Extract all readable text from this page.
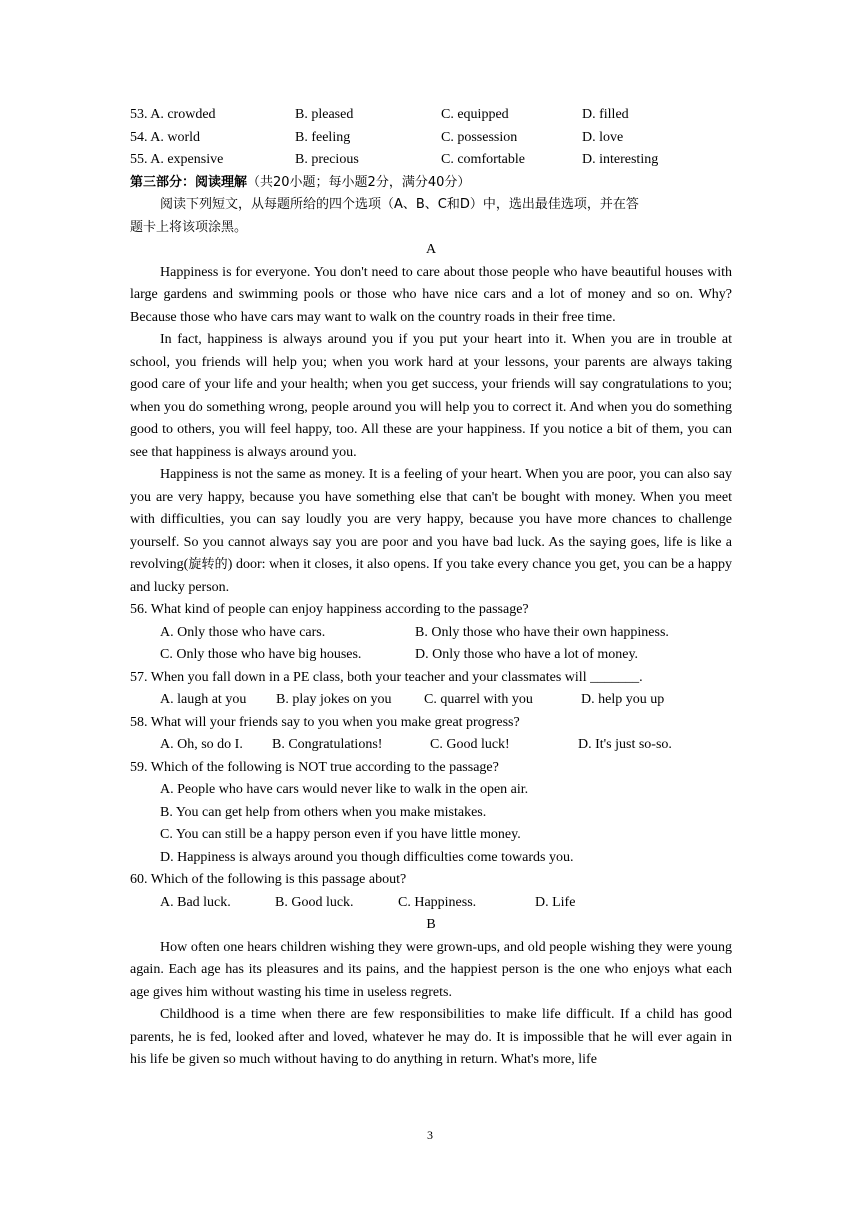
53. A. crowded	B. pleased	C. equipped	D. filled
54. A. world	B. feeling	C. possession	D. love
55. A. expensive	B. precious	C. comfortable	D. interesting
第三部分：阅读理解（共20小题；每小题2分，满分40分）
阅读下列短文，从每题所给的四个选项（A、B、C和D）中，选出最佳选项，并在答
题卡上将该项涂黑。
A

Happiness is for everyone. You don't need to care about those people who have beautiful houses with large gardens and swimming pools or those who have nice cars and a lot of money and so on. Why? Because those who have cars may want to walk on the country roads in their free time.

In fact, happiness is always around you if you put your heart into it. When you are in trouble at school, you friends will help you; when you work hard at your lessons, your parents are always taking good care of your life and your health; when you get success, your friends will say congratulations to you; when you do something wrong, people around you will help you to correct it. And when you do something good to others, you will feel happy, too. All these are your happiness. If you notice a bit of them, you can see that happiness is always around you.

Happiness is not the same as money. It is a feeling of your heart. When you are poor, you can also say you are very happy, because you have something else that can't be bought with money. When you meet with difficulties, you can say loudly you are very happy, because you have more chances to challenge yourself. So you cannot always say you are poor and you have bad luck. As the saying goes, life is like a revolving(旋转的) door: when it closes, it also opens. If you take every chance you get, you can be a happy and lucky person.

56. What kind of people can enjoy happiness according to the passage?
A. Only those who have cars.	B. Only those who have their own happiness.
C. Only those who have big houses.	D. Only those who have a lot of money.
57. When you fall down in a PE class, both your teacher and your classmates will _______.
A. laugh at you B. play jokes on you C. quarrel with you	D. help you up
58. What will your friends say to you when you make great progress?
A. Oh, so do I. B. Congratulations!	C. Good luck!	D. It's just so-so.
59. Which of the following is NOT true according to the passage?
A. People who have cars would never like to walk in the open air.
B. You can get help from others when you make mistakes.
C. You can still be a happy person even if you have little money.
D. Happiness is always around you though difficulties come towards you.
60. Which of the following is this passage about?
A. Bad luck.	B. Good luck.	C. Happiness.	D. Life
B

How often one hears children wishing they were grown-ups, and old people wishing they were young again. Each age has its pleasures and its pains, and the happiest person is the one who enjoys what each age gives him without wasting his time in useless regrets.

Childhood is a time when there are few responsibilities to make life difficult. If a child has good parents, he is fed, looked after and loved, whatever he may do. It is impossible that he will ever again in his life be given so much without having to do anything in return. What's more, life

3
